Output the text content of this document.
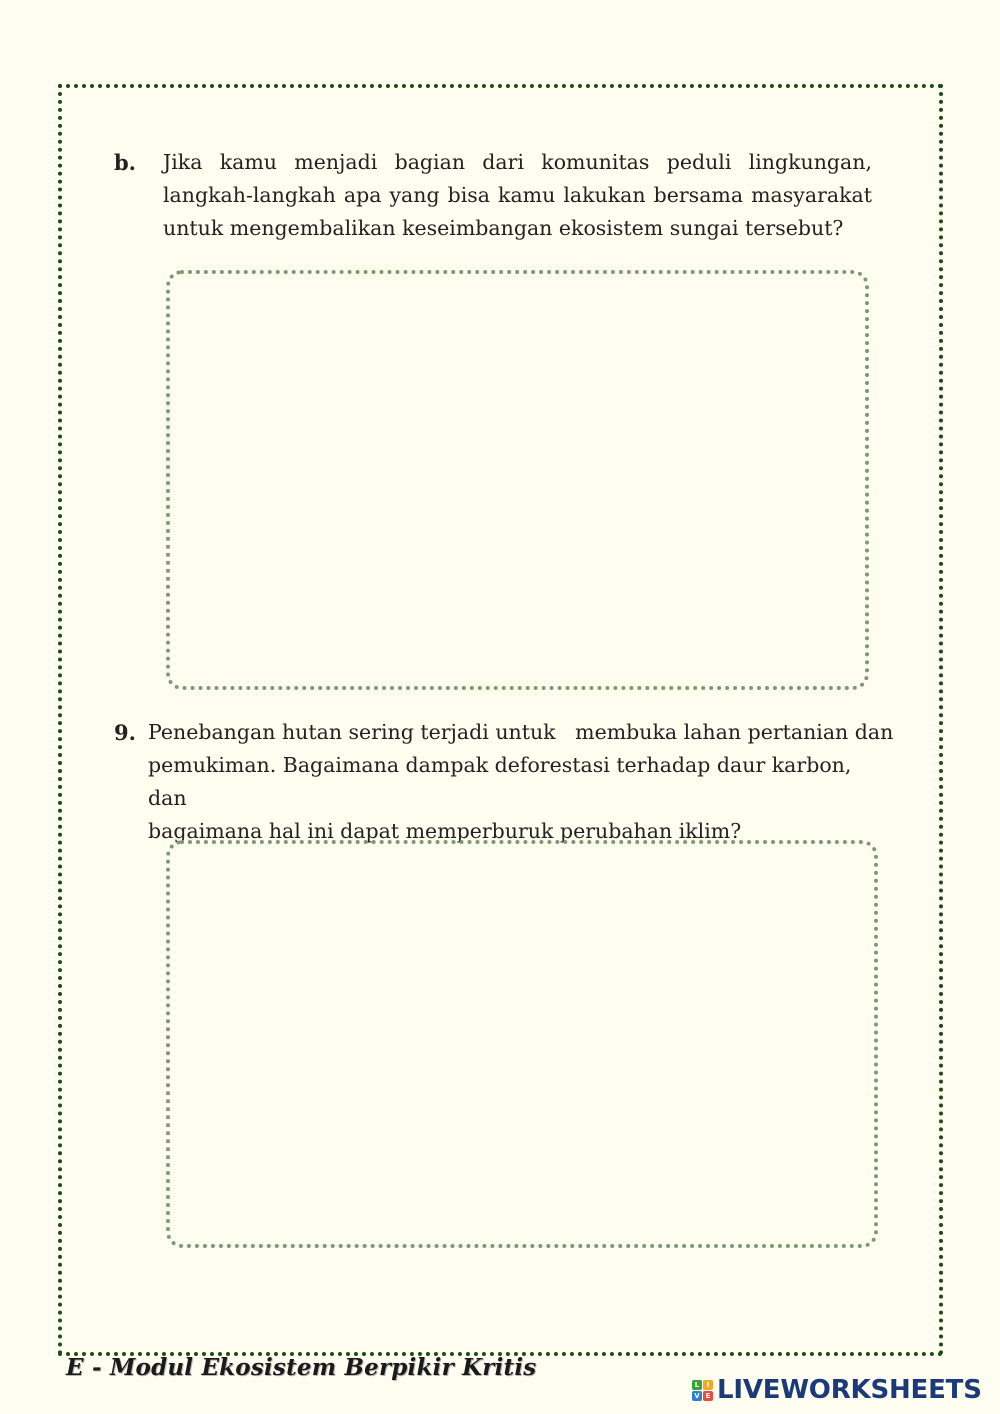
b. Jika kamu menjadi bagian dari komunitas peduli lingkungan, langkah-langkah apa yang bisa kamu lakukan bersama masyarakat untuk mengembalikan keseimbangan ekosistem sungai tersebut?
9. Penebangan hutan sering terjadi untuk   membuka lahan pertanian dan
pemukiman. Bagaimana dampak deforestasi terhadap daur karbon, dan
bagaimana hal ini dapat memperburuk perubahan iklim?
E - Modul Ekosistem Berpikir Kritis
L	I
V E LIVEWORKSHEETS
